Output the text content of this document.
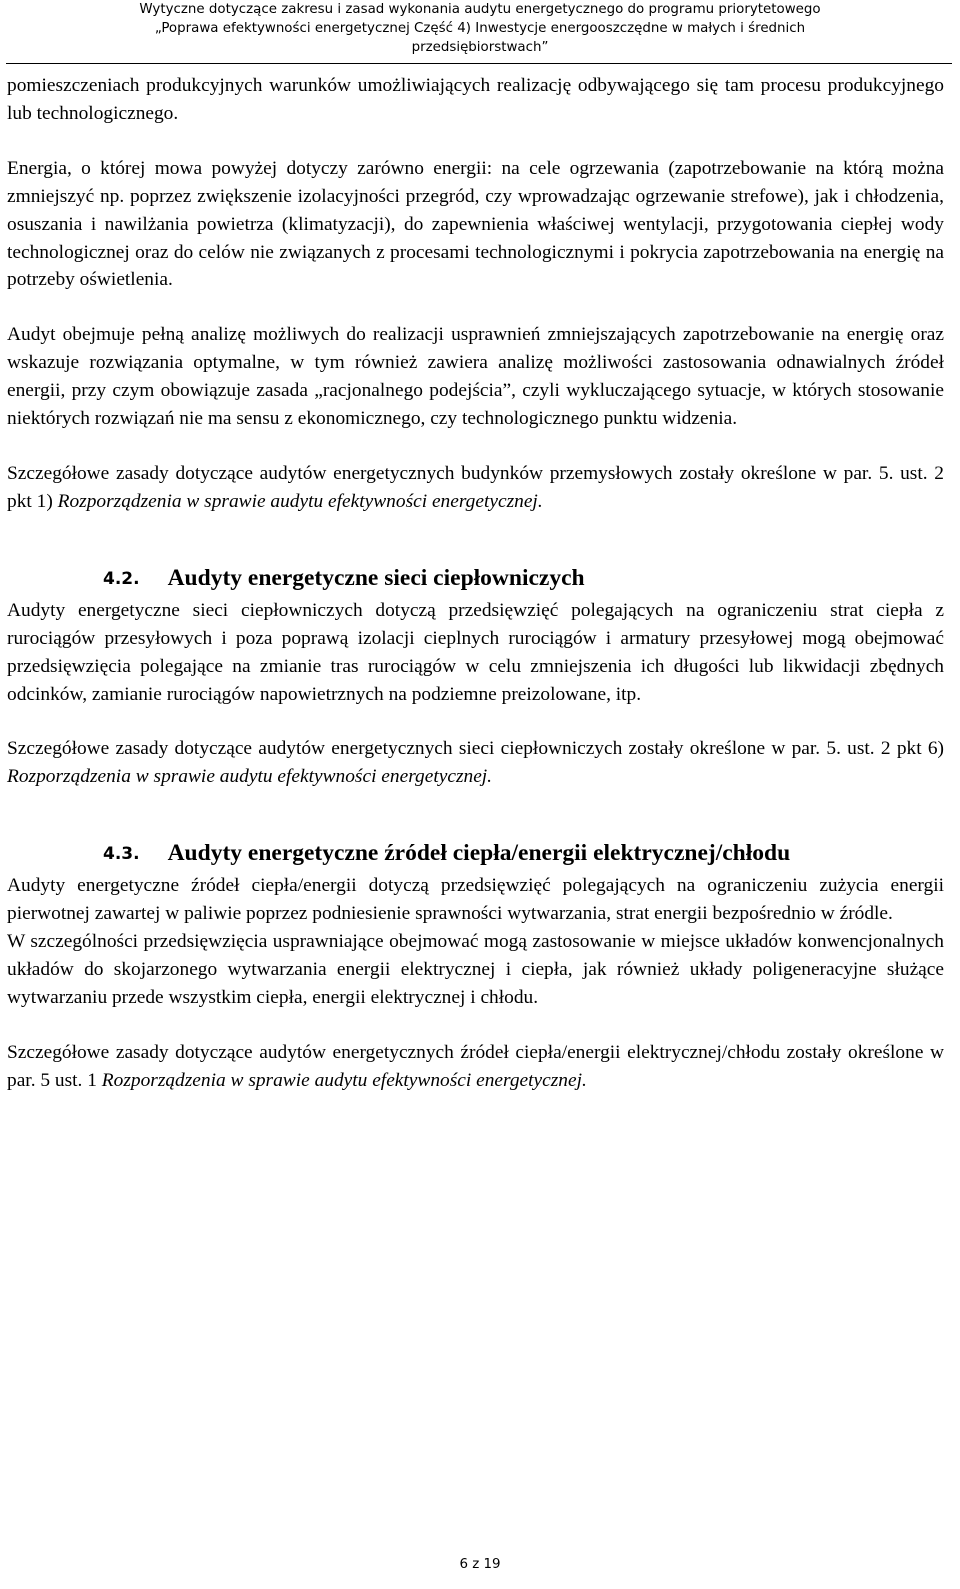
Wytyczne dotyczące zakresu i zasad wykonania audytu energetycznego do programu priorytetowego
„Poprawa efektywności energetycznej Część 4) Inwestycje energooszczędne w małych i średnich
przedsiębiorstwach”

pomieszczeniach produkcyjnych warunków umożliwiających realizację odbywającego się tam procesu produkcyjnego lub technologicznego.

Energia, o której mowa powyżej dotyczy zarówno energii: na cele ogrzewania (zapotrzebowanie na którą można zmniejszyć np. poprzez zwiększenie izolacyjności przegród, czy wprowadzając ogrzewanie strefowe), jak i chłodzenia, osuszania i nawilżania powietrza (klimatyzacji), do zapewnienia właściwej wentylacji, przygotowania ciepłej wody technologicznej oraz do celów nie związanych z procesami technologicznymi i pokrycia zapotrzebowania na energię na potrzeby oświetlenia.

Audyt obejmuje pełną analizę możliwych do realizacji usprawnień zmniejszających zapotrzebowanie na energię oraz wskazuje rozwiązania optymalne, w tym również zawiera analizę możliwości zastosowania odnawialnych źródeł energii, przy czym obowiązuje zasada „racjonalnego podejścia”, czyli wykluczającego sytuacje, w których stosowanie niektórych rozwiązań nie ma sensu z ekonomicznego, czy technologicznego punktu widzenia.

Szczegółowe zasady dotyczące audytów energetycznych budynków przemysłowych zostały określone w par. 5. ust. 2 pkt 1) Rozporządzenia w sprawie audytu efektywności energetycznej.

4.2. Audyty energetyczne sieci ciepłowniczych

Audyty energetyczne sieci ciepłowniczych dotyczą przedsięwzięć polegających na ograniczeniu strat ciepła z rurociągów przesyłowych i poza poprawą izolacji cieplnych rurociągów i armatury przesyłowej mogą obejmować przedsięwzięcia polegające na zmianie tras rurociągów w celu zmniejszenia ich długości lub likwidacji zbędnych odcinków, zamianie rurociągów napowietrznych na podziemne preizolowane, itp.

Szczegółowe zasady dotyczące audytów energetycznych sieci ciepłowniczych zostały określone w par. 5. ust. 2 pkt 6) Rozporządzenia w sprawie audytu efektywności energetycznej.

4.3. Audyty energetyczne źródeł ciepła/energii elektrycznej/chłodu

Audyty energetyczne źródeł ciepła/energii dotyczą przedsięwzięć polegających na ograniczeniu zużycia energii pierwotnej zawartej w paliwie poprzez podniesienie sprawności wytwarzania, strat energii bezpośrednio w źródle.

W szczególności przedsięwzięcia usprawniające obejmować mogą zastosowanie w miejsce układów konwencjonalnych układów do skojarzonego wytwarzania energii elektrycznej i ciepła, jak również układy poligeneracyjne służące wytwarzaniu przede wszystkim ciepła, energii elektrycznej i chłodu.

Szczegółowe zasady dotyczące audytów energetycznych źródeł ciepła/energii elektrycznej/chłodu zostały określone w par. 5 ust. 1 Rozporządzenia w sprawie audytu efektywności energetycznej.

6 z 19
